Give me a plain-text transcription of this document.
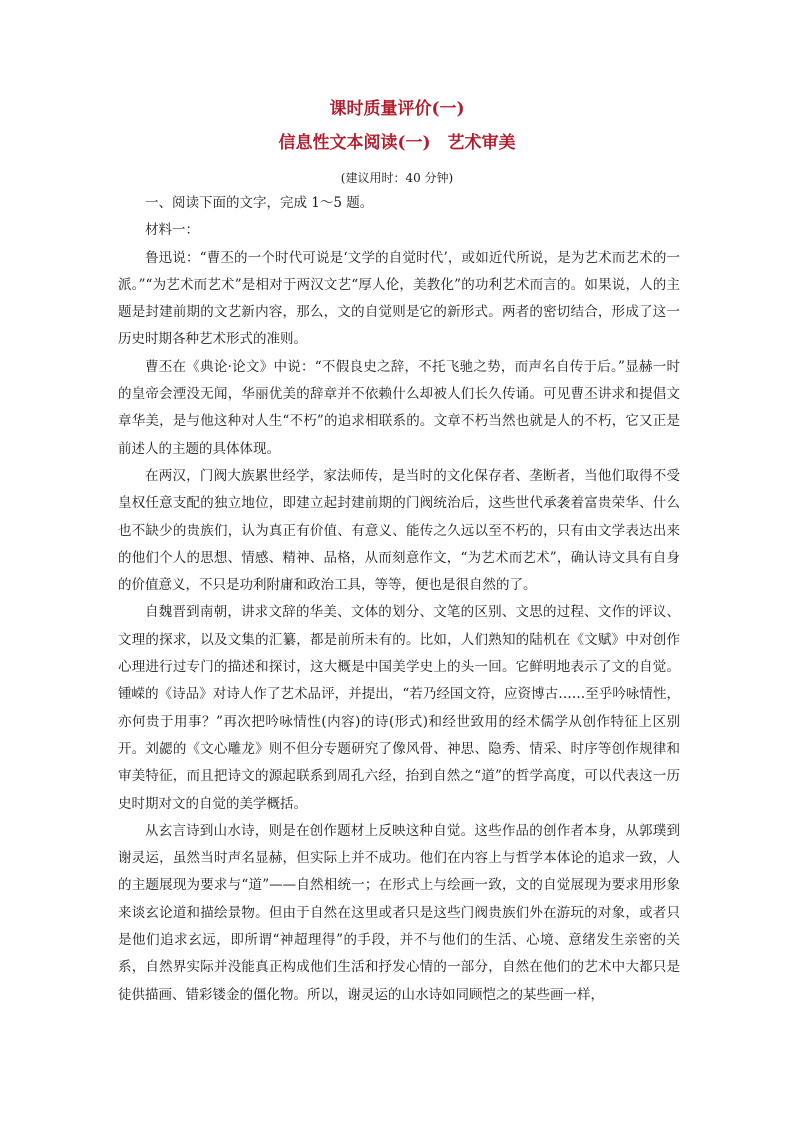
课时质量评价(一)
信息性文本阅读(一)　艺术审美
(建议用时：40 分钟)

一、阅读下面的文字，完成 1～5 题。

材料一：

鲁迅说：“曹丕的一个时代可说是‘文学的自觉时代’，或如近代所说，是为艺术而艺术的一派。”“为艺术而艺术”是相对于两汉文艺“厚人伦，美教化”的功利艺术而言的。如果说，人的主题是封建前期的文艺新内容，那么，文的自觉则是它的新形式。两者的密切结合，形成了这一历史时期各种艺术形式的准则。

曹丕在《典论·论文》中说：“不假良史之辞，不托飞驰之势，而声名自传于后。”显赫一时的皇帝会湮没无闻，华丽优美的辞章并不依赖什么却被人们长久传诵。可见曹丕讲求和提倡文章华美，是与他这种对人生“不朽”的追求相联系的。文章不朽当然也就是人的不朽，它又正是前述人的主题的具体体现。

在两汉，门阀大族累世经学，家法师传，是当时的文化保存者、垄断者，当他们取得不受皇权任意支配的独立地位，即建立起封建前期的门阀统治后，这些世代承袭着富贵荣华、什么也不缺少的贵族们，认为真正有价值、有意义、能传之久远以至不朽的，只有由文学表达出来的他们个人的思想、情感、精神、品格，从而刻意作文，“为艺术而艺术”，确认诗文具有自身的价值意义，不只是功利附庸和政治工具，等等，便也是很自然的了。

自魏晋到南朝，讲求文辞的华美、文体的划分、文笔的区别、文思的过程、文作的评议、文理的探求，以及文集的汇纂，都是前所未有的。比如，人们熟知的陆机在《文赋》中对创作心理进行过专门的描述和探讨，这大概是中国美学史上的头一回。它鲜明地表示了文的自觉。锺嵘的《诗品》对诗人作了艺术品评，并提出，“若乃经国文符，应资博古……至乎吟咏情性，亦何贵于用事？”再次把吟咏情性(内容)的诗(形式)和经世致用的经术儒学从创作特征上区别开。刘勰的《文心雕龙》则不但分专题研究了像风骨、神思、隐秀、情采、时序等创作规律和审美特征，而且把诗文的源起联系到周孔六经，抬到自然之“道”的哲学高度，可以代表这一历史时期对文的自觉的美学概括。

从玄言诗到山水诗，则是在创作题材上反映这种自觉。这些作品的创作者本身，从郭璞到谢灵运，虽然当时声名显赫，但实际上并不成功。他们在内容上与哲学本体论的追求一致，人的主题展现为要求与“道”——自然相统一；在形式上与绘画一致，文的自觉展现为要求用形象来谈玄论道和描绘景物。但由于自然在这里或者只是这些门阀贵族们外在游玩的对象，或者只是他们追求玄远，即所谓“神超理得”的手段，并不与他们的生活、心境、意绪发生亲密的关系，自然界实际并没能真正构成他们生活和抒发心情的一部分，自然在他们的艺术中大都只是徒供描画、错彩镂金的僵化物。所以，谢灵运的山水诗如同顾恺之的某些画一样，
